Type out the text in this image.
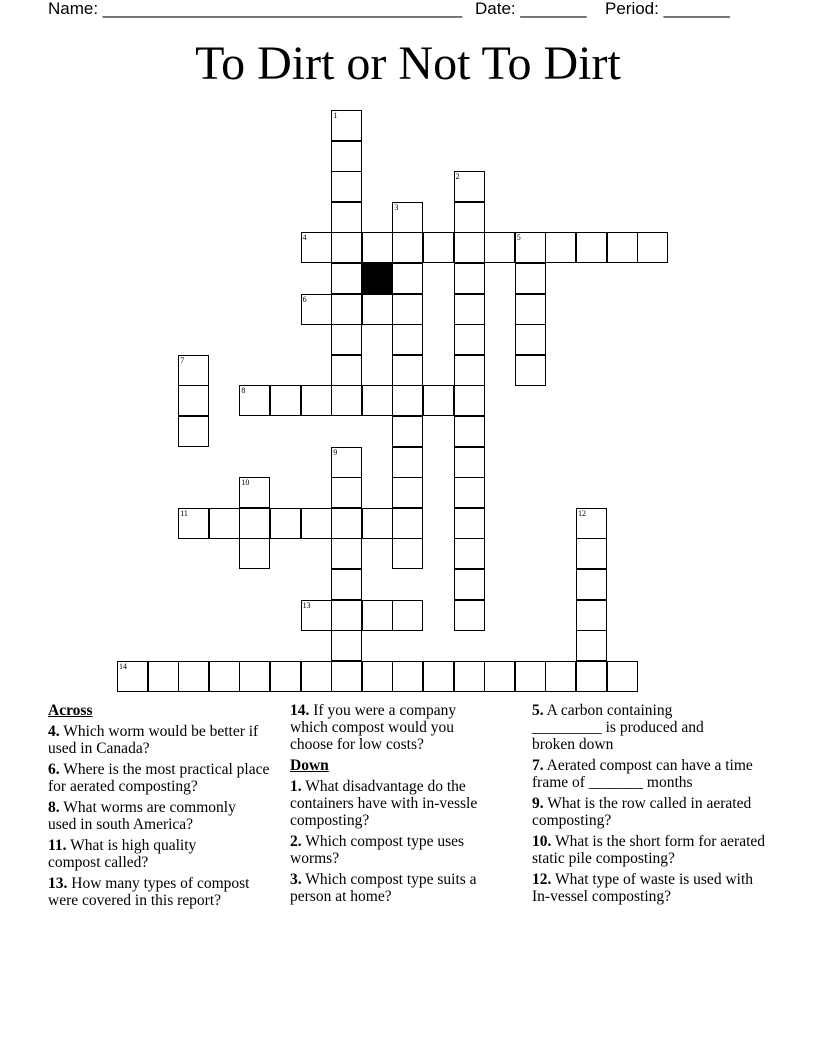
Name: ______________________________________ Date: _______ Period: _______
To Dirt or Not To Dirt
1
2
3
4	5
6
7
8
9
10
11	12
13
14
Across
4. Which worm would be better if used in Canada?
6. Where is the most practical place for aerated composting?
8. What worms are commonly used in south America?
11. What is high quality compost called?
13. How many types of compost were covered in this report?
14. If you were a company which compost would you choose for low costs?
Down
1. What disadvantage do the containers have with in-vessle composting?
2. Which compost type uses worms?
3. Which compost type suits a person at home?
5. A carbon containing _________ is produced and broken down
7. Aerated compost can have a time frame of _______ months
9. What is the row called in aerated composting?
10. What is the short form for aerated static pile composting?
12. What type of waste is used with In-vessel composting?
